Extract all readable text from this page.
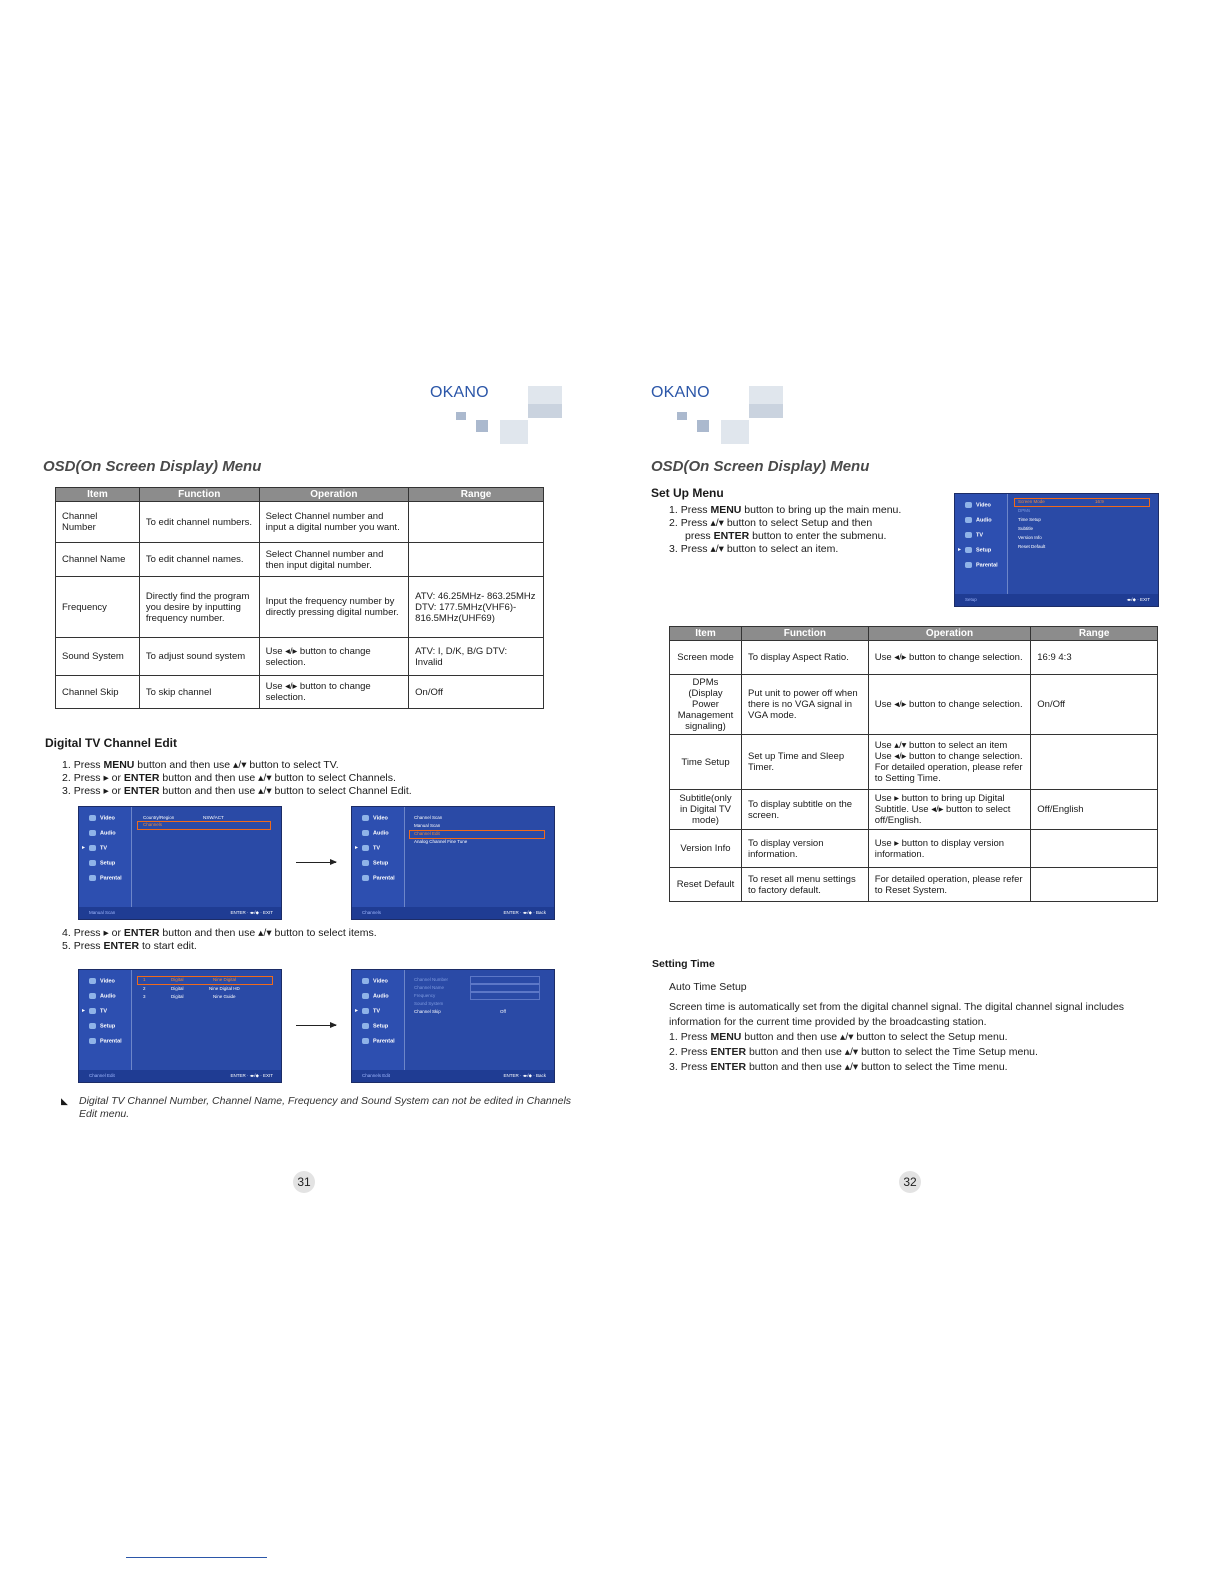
OKANO
OSD(On Screen Display) Menu
Item	Function	Operation	Range
Channel Number	To edit channel numbers.	Select Channel number and input a digital number you want.	
Channel Name	To edit channel names.	Select Channel number and then input digital number.	
Frequency	Directly find the program you desire by inputting frequency number.	Input the frequency number by directly pressing digital number.	ATV: 46.25MHz- 863.25MHz DTV: 177.5MHz(VHF6)- 816.5MHz(UHF69)
Sound System	To adjust sound system	Use ◂/▸ button to change selection.	ATV: I, D/K, B/G DTV: Invalid
Channel Skip	To skip channel	Use ◂/▸ button to change selection.	On/Off
Digital TV Channel Edit
1. Press MENU button and then use ▴/▾ button to select TV.
2. Press ▸ or ENTER button and then use ▴/▾ button to select Channels.
3. Press ▸ or ENTER button and then use ▴/▾ button to select Channel Edit.
Video
Audio
▸	TV
Setup
Parental
Country/Region	NSW/ACT
Channels
Manual Scan	ENTER · ◂▸/◆ · EXIT
Video
Audio
▸	TV
Setup
Parental
Channel Scan
Manual Scan
Channel Edit
Analog Channel Fine Tune
Channels	ENTER · ◂▸/◆ · Back
4. Press ▸ or ENTER button and then use ▴/▾ button to select items.
5. Press ENTER to start edit.
Video
Audio
▸	TV
Setup
Parental
1	Digital	Nine Digital
2	Digital	Nine Digital HD
3	Digital	Nine Guide
Channel Edit	ENTER · ◂▸/◆ · EXIT
Video
Audio
▸	TV
Setup
Parental
Channel Number
Channel Name
Frequency
Sound System
Channel Skip	Off
Channels Edit	ENTER · ◂▸/◆ · Back
◣ Digital TV Channel Number, Channel Name, Frequency and Sound System can not be edited in Channels Edit menu.
31
OKANO
OSD(On Screen Display) Menu
Set Up Menu
1. Press MENU button to bring up the main menu.
2. Press ▴/▾ button to select Setup and then
press ENTER button to enter the submenu.
3. Press ▴/▾ button to select an item.
Video
Audio
TV
▸	Setup
Parental
Screen Mode	16:9
DPMs
Time Setup
Subtitle
Version Info
Reset Default
Setup	◂▸/◆ · EXIT
Item	Function	Operation	Range
Screen mode	To display Aspect Ratio.	Use ◂/▸ button to change selection.	16:9 4:3
DPMs (Display Power Management signaling)	Put unit to power off when there is no VGA signal in VGA mode.	Use ◂/▸ button to change selection.	On/Off
Time Setup	Set up Time and Sleep Timer.	Use ▴/▾ button to select an item Use ◂/▸ button to change selection. For detailed operation, please refer to Setting Time.	
Subtitle(only in Digital TV mode)	To display subtitle on the screen.	Use ▸ button to bring up Digital Subtitle. Use ◂/▸ button to select off/English.	Off/English
Version Info	To display version information.	Use ▸ button to display version information.	
Reset Default	To reset all menu settings to factory default.	For detailed operation, please refer to Reset System.	
Setting Time
Auto Time Setup
Screen time is automatically set from the digital channel signal. The digital channel signal includes information for the current time provided by the broadcasting station.
1. Press MENU button and then use ▴/▾ button to select the Setup menu.
2. Press ENTER button and then use ▴/▾ button to select the Time Setup menu.
3. Press ENTER button and then use ▴/▾ button to select the Time menu.
32
